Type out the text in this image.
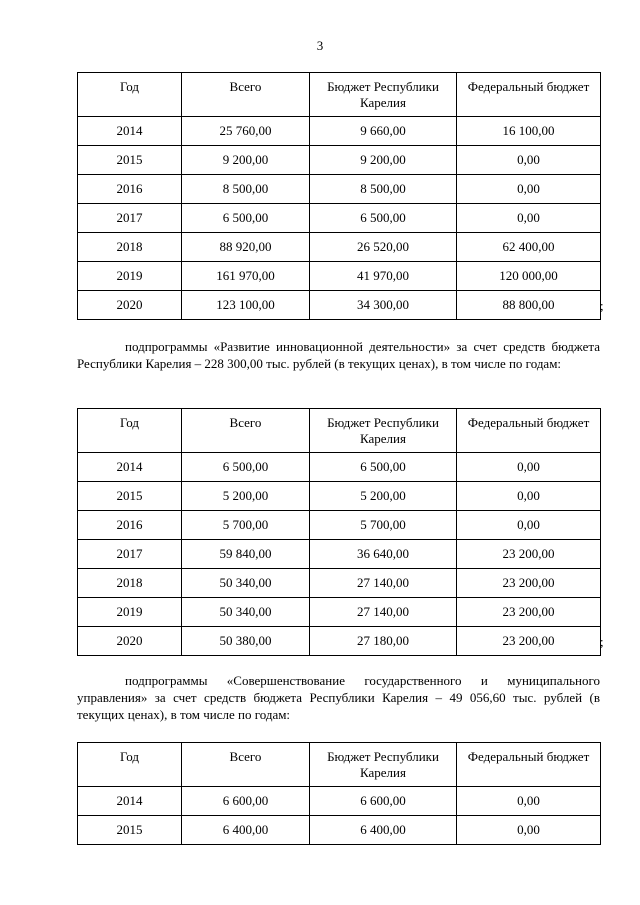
3
Год	Всего	Бюджет Республики Карелия	Федеральный бюджет
2014	25 760,00	9 660,00	16 100,00
2015	9 200,00	9 200,00	0,00
2016	8 500,00	8 500,00	0,00
2017	6 500,00	6 500,00	0,00
2018	88 920,00	26 520,00	62 400,00
2019	161 970,00	41 970,00	120 000,00
2020	123 100,00	34 300,00	88 800,00	;

подпрограммы «Развитие инновационной деятельности» за счет средств бюджета Республики Карелия – 228 300,00 тыс. рублей (в текущих ценах), в том числе по годам:

Год	Всего	Бюджет Республики Карелия	Федеральный бюджет
2014	6 500,00	6 500,00	0,00
2015	5 200,00	5 200,00	0,00
2016	5 700,00	5 700,00	0,00
2017	59 840,00	36 640,00	23 200,00
2018	50 340,00	27 140,00	23 200,00
2019	50 340,00	27 140,00	23 200,00
2020	50 380,00	27 180,00	23 200,00	;

подпрограммы «Совершенствование государственного и муниципального управления» за счет средств бюджета Республики Карелия – 49 056,60 тыс. рублей (в текущих ценах), в том числе по годам:

Год	Всего	Бюджет Республики Карелия	Федеральный бюджет
2014	6 600,00	6 600,00	0,00
2015	6 400,00	6 400,00	0,00
